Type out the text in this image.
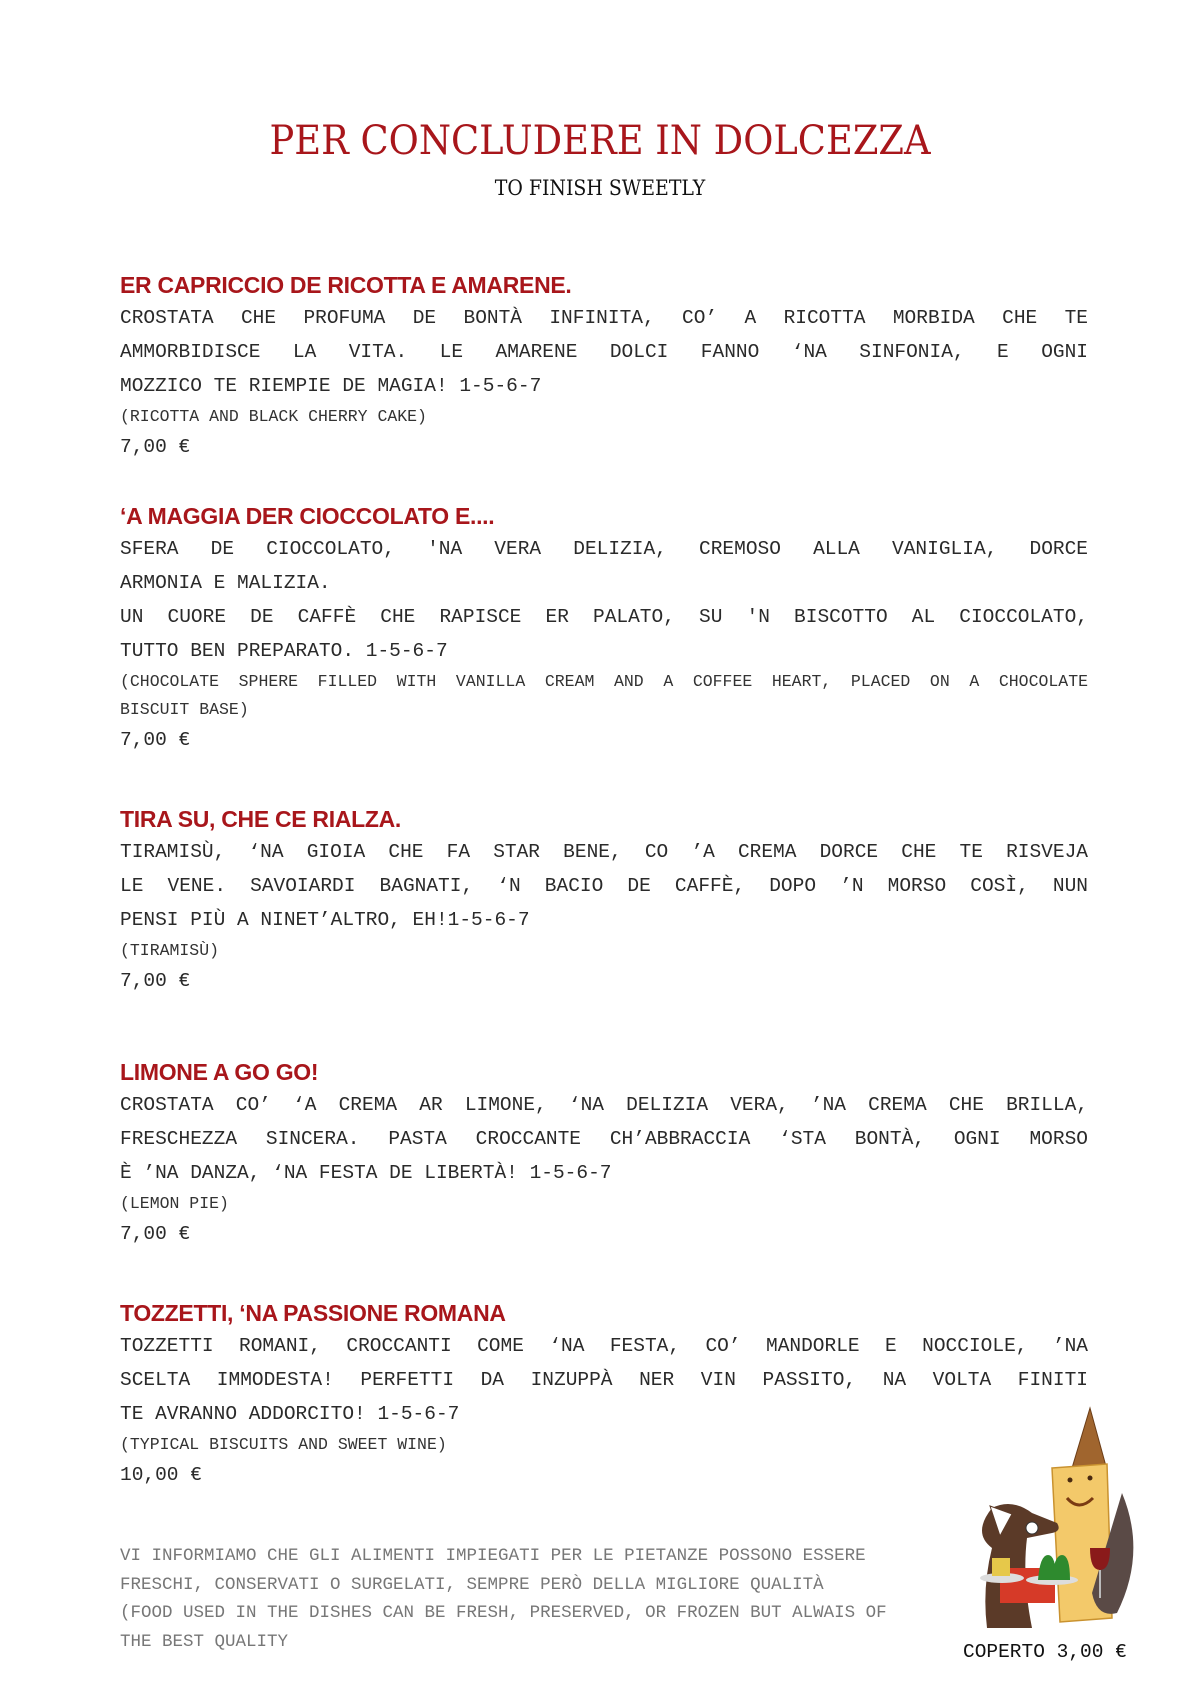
PER CONCLUDERE IN DOLCEZZA
TO FINISH SWEETLY
ER CAPRICCIO DE RICOTTA E AMARENE.
CROSTATA CHE PROFUMA DE BONTÀ INFINITA, CO’ A RICOTTA MORBIDA CHE TE
AMMORBIDISCE LA VITA. LE AMARENE DOLCI FANNO ‘NA SINFONIA, E OGNI
MOZZICO TE RIEMPIE DE MAGIA! 1-5-6-7
(RICOTTA AND BLACK CHERRY CAKE)
7,00 €
‘A MAGGIA DER CIOCCOLATO E....
SFERA DE CIOCCOLATO, 'NA VERA DELIZIA, CREMOSO ALLA VANIGLIA, DORCE
ARMONIA E MALIZIA.
UN CUORE DE CAFFÈ CHE RAPISCE ER PALATO, SU 'N BISCOTTO AL CIOCCOLATO,
TUTTO BEN PREPARATO. 1-5-6-7
(CHOCOLATE SPHERE FILLED WITH VANILLA CREAM AND A COFFEE HEART, PLACED ON A CHOCOLATE
BISCUIT BASE)
7,00 €
TIRA SU, CHE CE RIALZA.
TIRAMISÙ, ‘NA GIOIA CHE FA STAR BENE, CO ’A CREMA DORCE CHE TE RISVEJA
LE VENE. SAVOIARDI BAGNATI, ‘N BACIO DE CAFFÈ, DOPO ’N MORSO COSÌ, NUN
PENSI PIÙ A NINET’ALTRO, EH!1-5-6-7
(TIRAMISÙ)
7,00 €
LIMONE A GO GO!
CROSTATA CO’ ‘A CREMA AR LIMONE, ‘NA DELIZIA VERA, ’NA CREMA CHE BRILLA,
FRESCHEZZA SINCERA. PASTA CROCCANTE CH’ABBRACCIA ‘STA BONTÀ, OGNI MORSO
È ’NA DANZA, ‘NA FESTA DE LIBERTÀ! 1-5-6-7
(LEMON PIE)
7,00 €
TOZZETTI, ‘NA PASSIONE ROMANA
TOZZETTI ROMANI, CROCCANTI COME ‘NA FESTA, CO’ MANDORLE E NOCCIOLE, ’NA
SCELTA IMMODESTA! PERFETTI DA INZUPPÀ NER VIN PASSITO, NA VOLTA FINITI
TE AVRANNO ADDORCITO! 1-5-6-7
(TYPICAL BISCUITS AND SWEET WINE)
10,00 €
VI INFORMIAMO CHE GLI ALIMENTI IMPIEGATI PER LE PIETANZE POSSONO ESSERE
FRESCHI, CONSERVATI O SURGELATI, SEMPRE PERÒ DELLA MIGLIORE QUALITÀ
(FOOD USED IN THE DISHES CAN BE FRESH, PRESERVED, OR FROZEN BUT ALWAIS OF
THE BEST QUALITY	COPERTO 3,00 €
